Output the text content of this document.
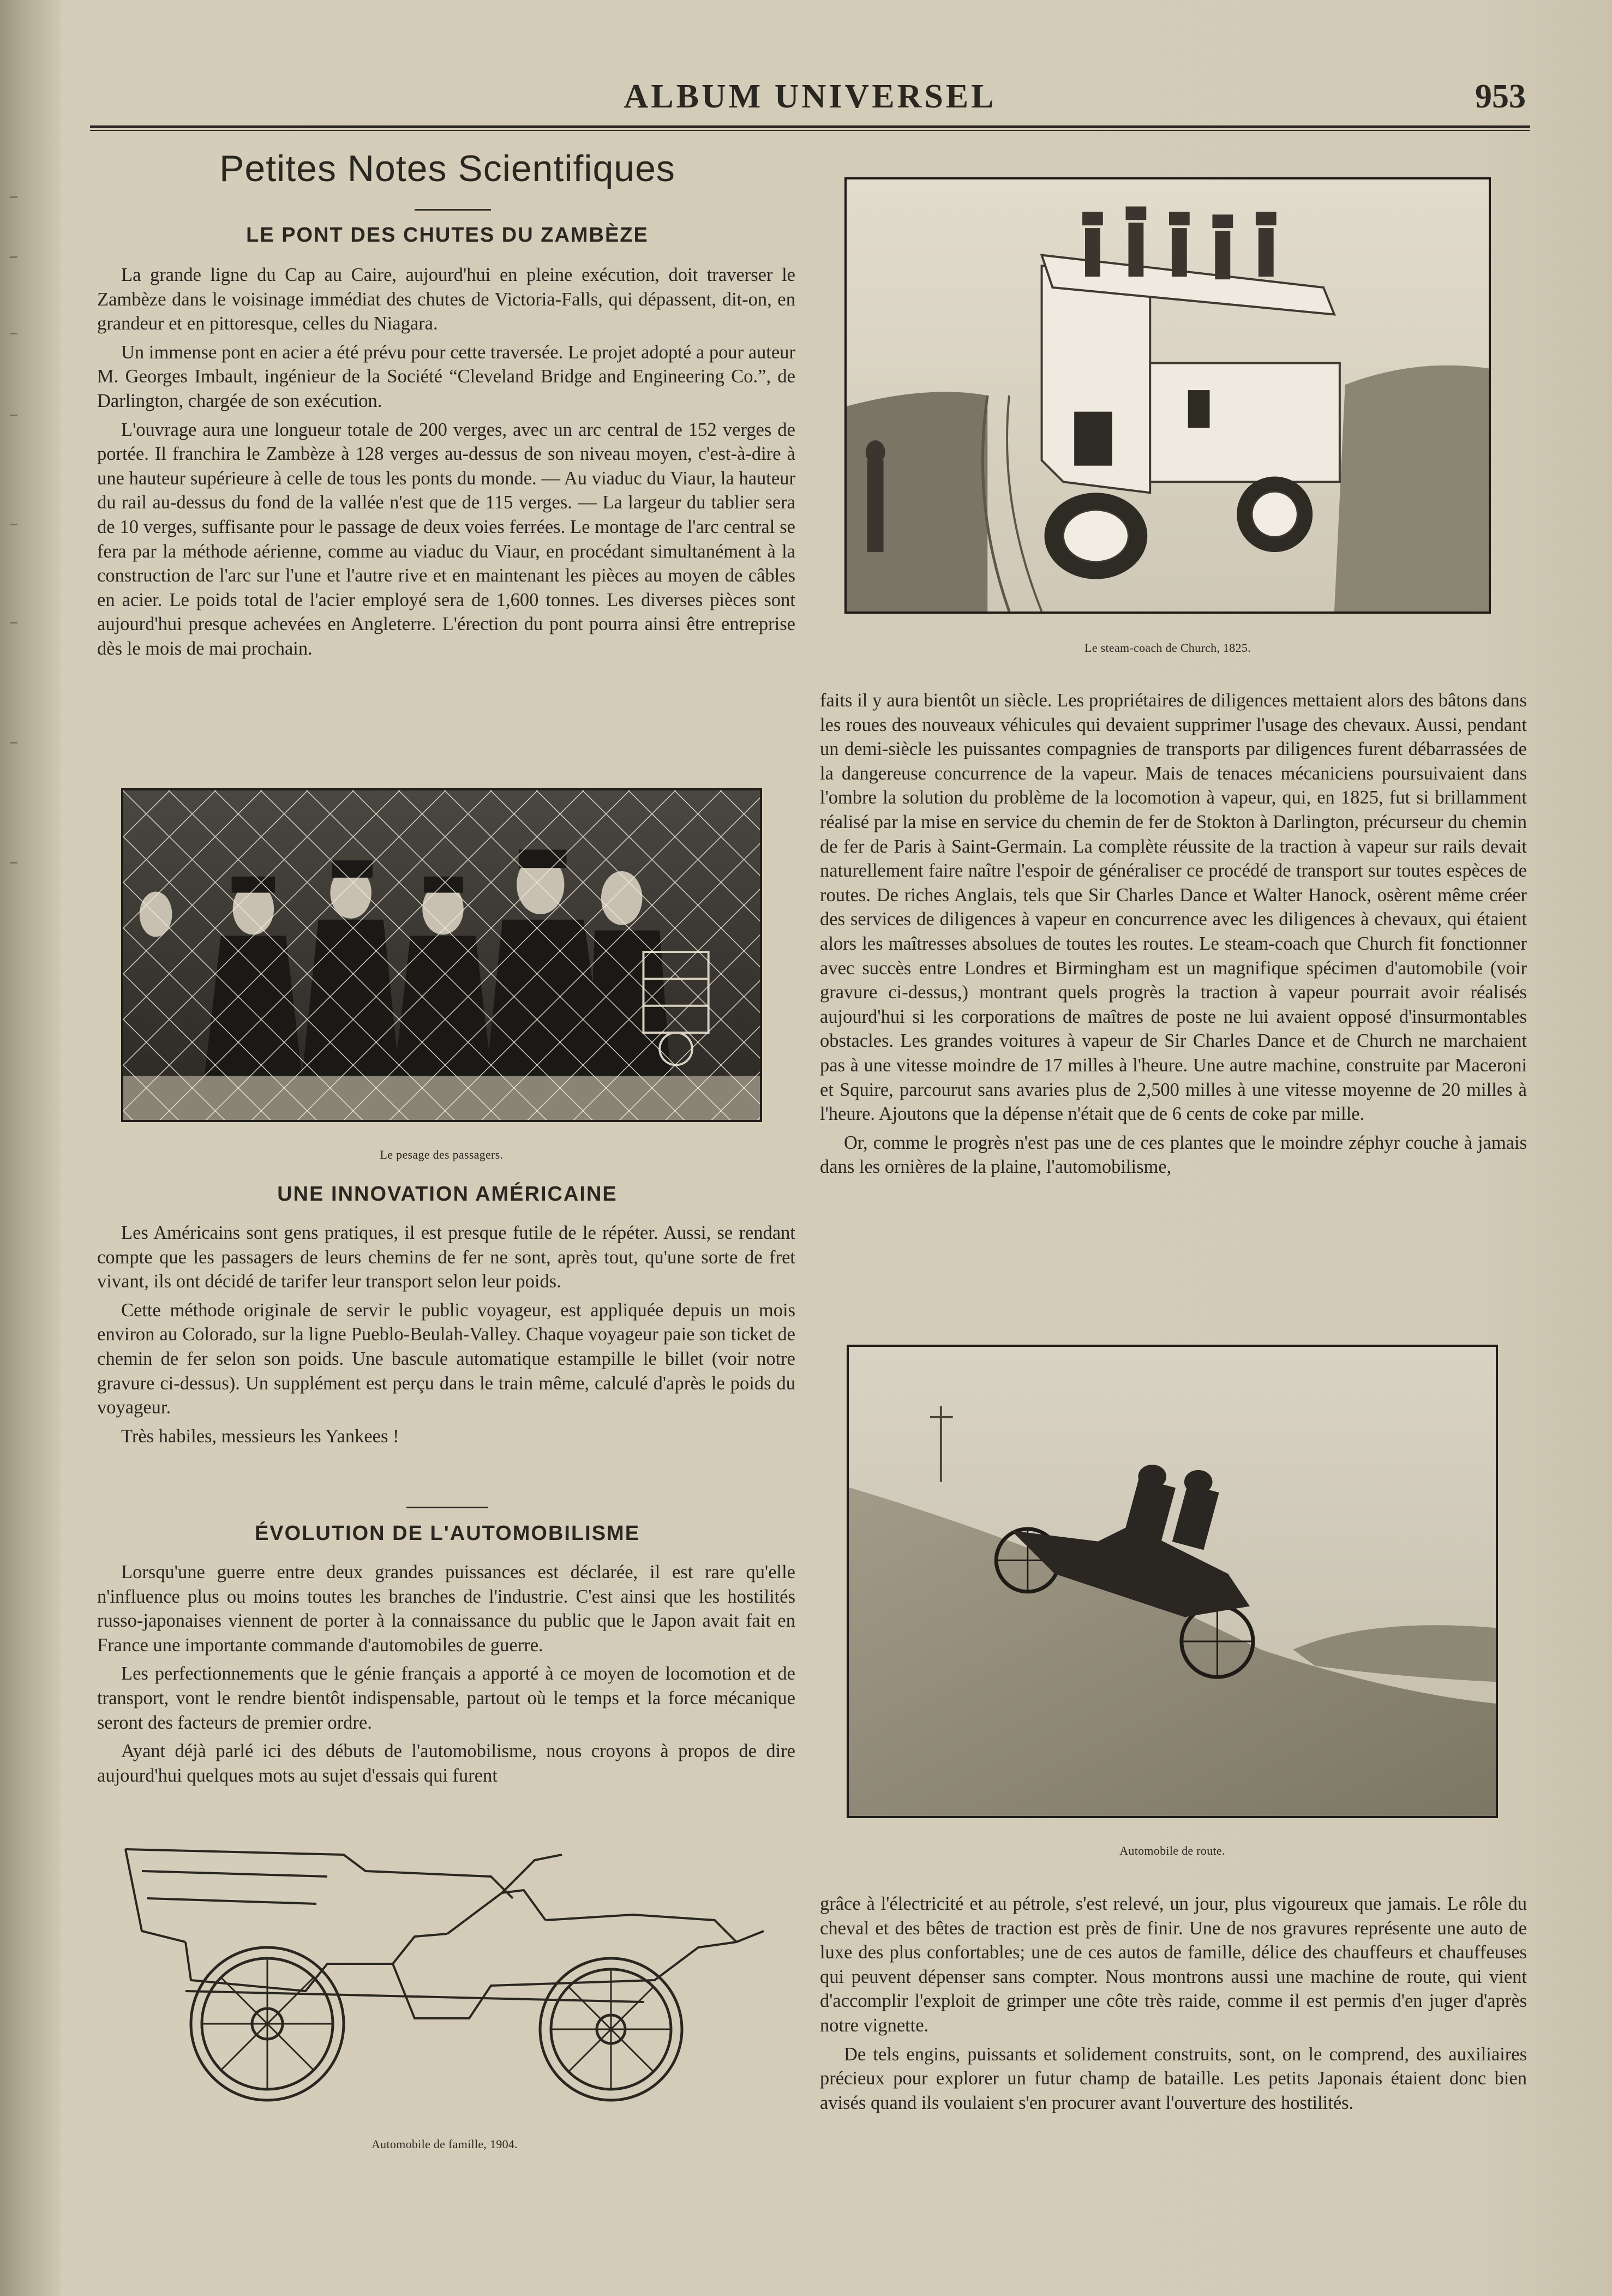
ALBUM UNIVERSEL	953
Petites Notes Scientifiques
LE PONT DES CHUTES DU ZAMBÈZE

La grande ligne du Cap au Caire, aujourd'hui en pleine exécution, doit traverser le Zambèze dans le voisinage immédiat des chutes de Victoria-Falls, qui dépassent, dit-on, en grandeur et en pittoresque, celles du Niagara.

Un immense pont en acier a été prévu pour cette traversée. Le projet adopté a pour auteur M. Georges Imbault, ingénieur de la Société “Cleveland Bridge and Engineering Co.”, de Darlington, chargée de son exécution.

L'ouvrage aura une longueur totale de 200 verges, avec un arc central de 152 verges de portée. Il franchira le Zambèze à 128 verges au-dessus de son niveau moyen, c'est-à-dire à une hauteur supérieure à celle de tous les ponts du monde. — Au viaduc du Viaur, la hauteur du rail au-dessus du fond de la vallée n'est que de 115 verges. — La largeur du tablier sera de 10 verges, suffisante pour le passage de deux voies ferrées. Le montage de l'arc central se fera par la méthode aérienne, comme au viaduc du Viaur, en procédant simultanément à la construction de l'arc sur l'une et l'autre rive et en maintenant les pièces au moyen de câbles en acier. Le poids total de l'acier employé sera de 1,600 tonnes. Les diverses pièces sont aujourd'hui presque achevées en Angleterre. L'érection du pont pourra ainsi être entreprise dès le mois de mai prochain.

Le pesage des passagers.
UNE INNOVATION AMÉRICAINE

Les Américains sont gens pratiques, il est presque futile de le répéter. Aussi, se rendant compte que les passagers de leurs chemins de fer ne sont, après tout, qu'une sorte de fret vivant, ils ont décidé de tarifer leur transport selon leur poids.

Cette méthode originale de servir le public voyageur, est appliquée depuis un mois environ au Colorado, sur la ligne Pueblo-Beulah-Valley. Chaque voyageur paie son ticket de chemin de fer selon son poids. Une bascule automatique estampille le billet (voir notre gravure ci-dessus). Un supplément est perçu dans le train même, calculé d'après le poids du voyageur.

Très habiles, messieurs les Yankees !

ÉVOLUTION DE L'AUTOMOBILISME

Lorsqu'une guerre entre deux grandes puissances est déclarée, il est rare qu'elle n'influence plus ou moins toutes les branches de l'industrie. C'est ainsi que les hostilités russo-japonaises viennent de porter à la connaissance du public que le Japon avait fait en France une importante commande d'automobiles de guerre.

Les perfectionnements que le génie français a apporté à ce moyen de locomotion et de transport, vont le rendre bientôt indispensable, partout où le temps et la force mécanique seront des facteurs de premier ordre.

Ayant déjà parlé ici des débuts de l'automobilisme, nous croyons à propos de dire aujourd'hui quelques mots au sujet d'essais qui furent

Automobile de famille, 1904.
Le steam-coach de Church, 1825.

faits il y aura bientôt un siècle. Les propriétaires de diligences mettaient alors des bâtons dans les roues des nouveaux véhicules qui devaient supprimer l'usage des chevaux. Aussi, pendant un demi-siècle les puissantes compagnies de transports par diligences furent débarrassées de la dangereuse concurrence de la vapeur. Mais de tenaces mécaniciens poursuivaient dans l'ombre la solution du problème de la locomotion à vapeur, qui, en 1825, fut si brillamment réalisé par la mise en service du chemin de fer de Stokton à Darlington, précurseur du chemin de fer de Paris à Saint-Germain. La complète réussite de la traction à vapeur sur rails devait naturellement faire naître l'espoir de généraliser ce procédé de transport sur toutes espèces de routes. De riches Anglais, tels que Sir Charles Dance et Walter Hanock, osèrent même créer des services de diligences à vapeur en concurrence avec les diligences à chevaux, qui étaient alors les maîtresses absolues de toutes les routes. Le steam-coach que Church fit fonctionner avec succès entre Londres et Birmingham est un magnifique spécimen d'automobile (voir gravure ci-dessus,) montrant quels progrès la traction à vapeur pourrait avoir réalisés aujourd'hui si les corporations de maîtres de poste ne lui avaient opposé d'insurmontables obstacles. Les grandes voitures à vapeur de Sir Charles Dance et de Church ne marchaient pas à une vitesse moindre de 17 milles à l'heure. Une autre machine, construite par Maceroni et Squire, parcourut sans avaries plus de 2,500 milles à une vitesse moyenne de 20 milles à l'heure. Ajoutons que la dépense n'était que de 6 cents de coke par mille.

Or, comme le progrès n'est pas une de ces plantes que le moindre zéphyr couche à jamais dans les ornières de la plaine, l'automobilisme,

Automobile de route.

grâce à l'électricité et au pétrole, s'est relevé, un jour, plus vigoureux que jamais. Le rôle du cheval et des bêtes de traction est près de finir. Une de nos gravures représente une auto de luxe des plus confortables; une de ces autos de famille, délice des chauffeurs et chauffeuses qui peuvent dépenser sans compter. Nous montrons aussi une machine de route, qui vient d'accomplir l'exploit de grimper une côte très raide, comme il est permis d'en juger d'après notre vignette.

De tels engins, puissants et solidement construits, sont, on le comprend, des auxiliaires précieux pour explorer un futur champ de bataille. Les petits Japonais étaient donc bien avisés quand ils voulaient s'en procurer avant l'ouverture des hostilités.
